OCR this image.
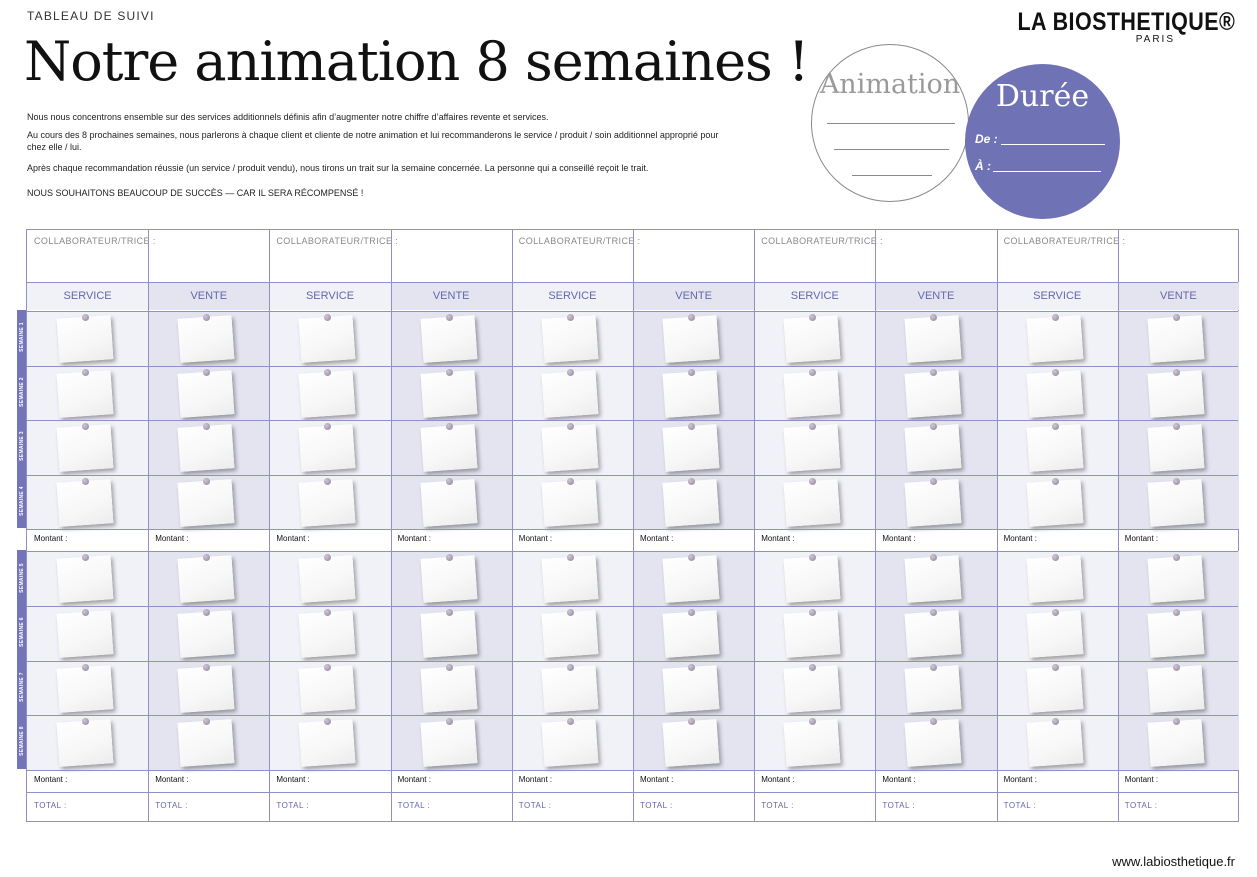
TABLEAU DE SUIVI
Notre animation 8 semaines !
Nous nous concentrons ensemble sur des services additionnels définis afin d’augmenter notre chiffre d’affaires revente et services.
Au cours des 8 prochaines semaines, nous parlerons à chaque client et cliente de notre animation et lui recommanderons le service / produit / soin additionnel approprié pour chez elle / lui.
Après chaque recommandation réussie (un service / produit vendu), nous tirons un trait sur la semaine concernée. La personne qui a conseillé reçoit le trait.
NOUS SOUHAITONS BEAUCOUP DE SUCCÈS — CAR IL SERA RÉCOMPENSÉ !
LA BIOSTHETIQUE®
PARIS
Animation	Durée
De :
À :
COLLABORATEUR/TRICE :
SERVICE
Montant :
Montant :
TOTAL :
VENTE
Montant :
Montant :
TOTAL :
COLLABORATEUR/TRICE :
SERVICE
Montant :
Montant :
TOTAL :
VENTE
Montant :
Montant :
TOTAL :
COLLABORATEUR/TRICE :
SERVICE
Montant :
Montant :
TOTAL :
VENTE
Montant :
Montant :
TOTAL :
COLLABORATEUR/TRICE :
SERVICE
Montant :
Montant :
TOTAL :
VENTE
Montant :
Montant :
TOTAL :
COLLABORATEUR/TRICE :
SERVICE
Montant :
Montant :
TOTAL :
VENTE
Montant :
Montant :
TOTAL :
SEMAINE 1
SEMAINE 2
SEMAINE 3
SEMAINE 4
SEMAINE 5
SEMAINE 6
SEMAINE 7
SEMAINE 8
www.labiosthetique.fr
